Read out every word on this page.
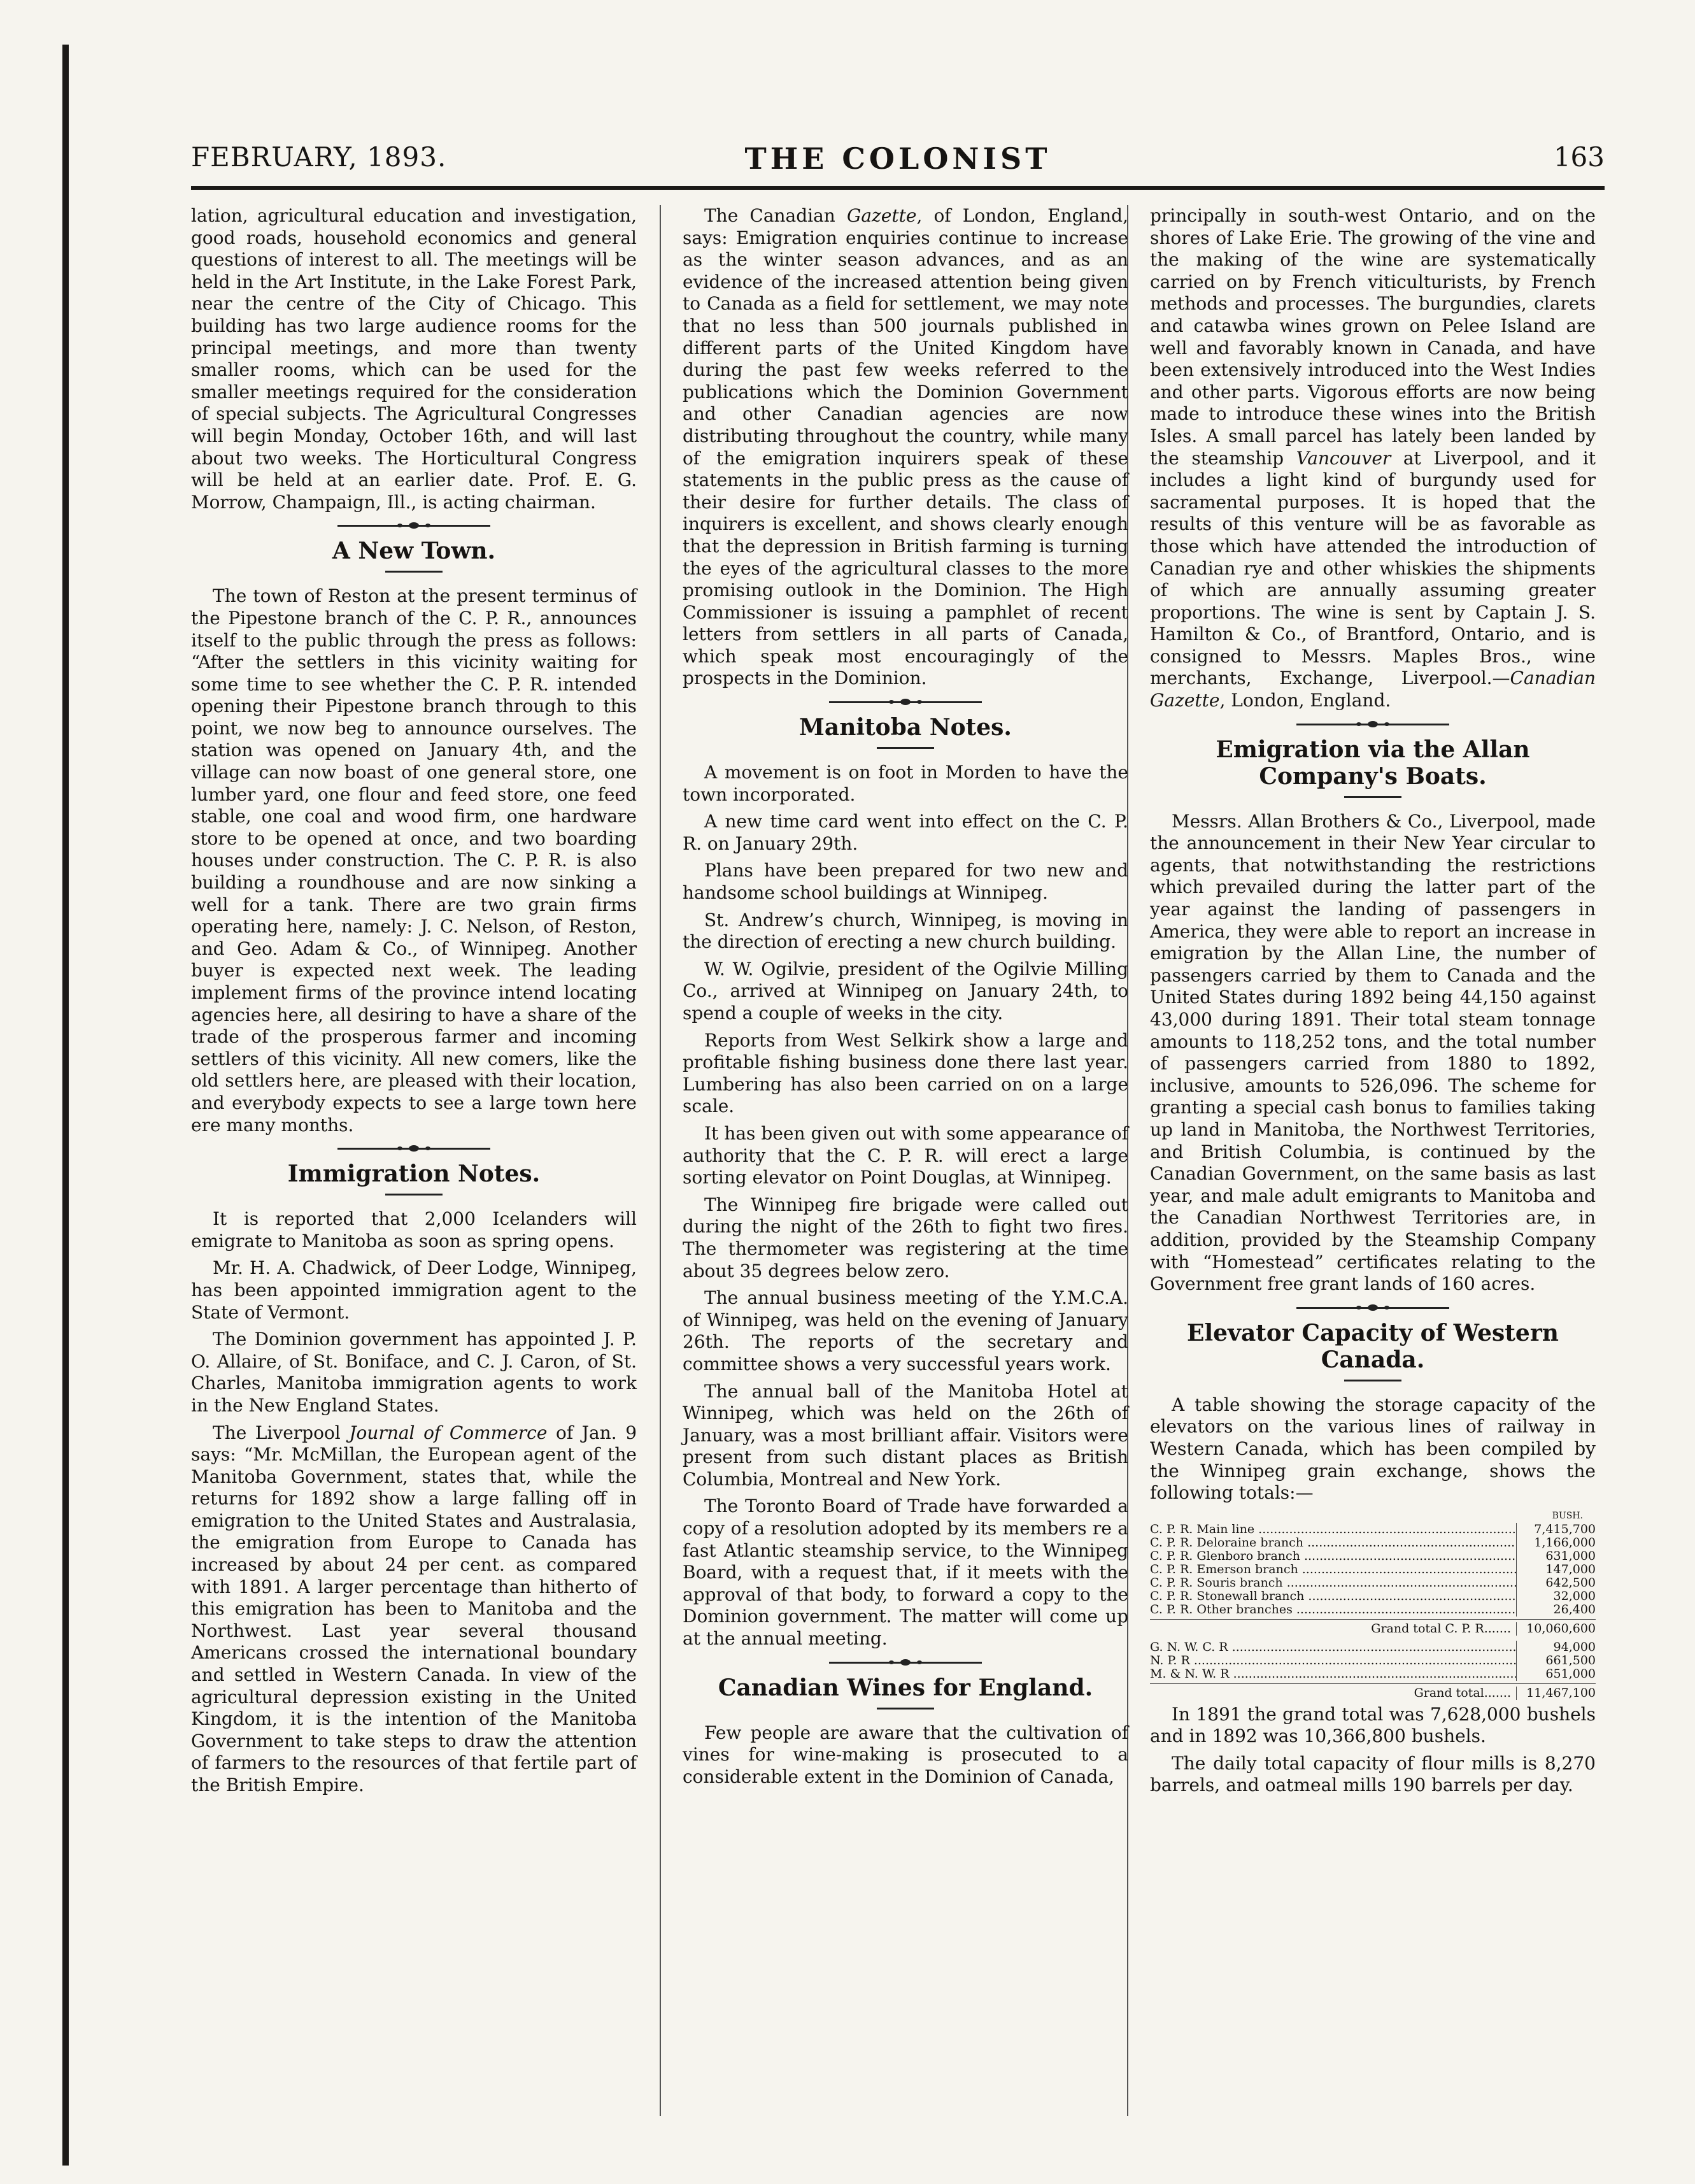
FEBRUARY, 1893.	THE COLONIST	163

lation, agricultural education and investigation, good roads, household economics and general questions of interest to all. The meetings will be held in the Art Institute, in the Lake Forest Park, near the centre of the City of Chicago. This building has two large audience rooms for the principal meetings, and more than twenty smaller rooms, which can be used for the smaller meetings required for the consideration of special subjects. The Agricultural Congresses will begin Monday, October 16th, and will last about two weeks. The Horticultural Congress will be held at an earlier date. Prof. E. G. Morrow, Champaign, Ill., is acting chairman.

A New Town.

The town of Reston at the present terminus of the Pipestone branch of the C. P. R., announces itself to the public through the press as follows: “After the settlers in this vicinity waiting for some time to see whether the C. P. R. intended opening their Pipestone branch through to this point, we now beg to announce ourselves. The station was opened on January 4th, and the village can now boast of one general store, one lumber yard, one flour and feed store, one feed stable, one coal and wood firm, one hardware store to be opened at once, and two boarding houses under construction. The C. P. R. is also building a roundhouse and are now sinking a well for a tank. There are two grain firms operating here, namely: J. C. Nelson, of Reston, and Geo. Adam & Co., of Winnipeg. Another buyer is expected next week. The leading implement firms of the province intend locating agencies here, all desiring to have a share of the trade of the prosperous farmer and incoming settlers of this vicinity. All new comers, like the old settlers here, are pleased with their location, and everybody expects to see a large town here ere many months.

Immigration Notes.

It is reported that 2,000 Icelanders will emigrate to Manitoba as soon as spring opens.

Mr. H. A. Chadwick, of Deer Lodge, Winnipeg, has been appointed immigration agent to the State of Vermont.

The Dominion government has appointed J. P. O. Allaire, of St. Boniface, and C. J. Caron, of St. Charles, Manitoba immigration agents to work in the New England States.

The Liverpool Journal of Commerce of Jan. 9 says: “Mr. McMillan, the European agent of the Manitoba Government, states that, while the returns for 1892 show a large falling off in emigration to the United States and Australasia, the emigration from Europe to Canada has increased by about 24 per cent. as compared with 1891. A larger percentage than hitherto of this emigration has been to Manitoba and the Northwest. Last year several thousand Americans crossed the international boundary and settled in Western Canada. In view of the agricultural depression existing in the United Kingdom, it is the intention of the Manitoba Government to take steps to draw the attention of farmers to the resources of that fertile part of the British Empire.

The Canadian Gazette, of London, England, says: Emigration enquiries continue to increase as the winter season advances, and as an evidence of the increased attention being given to Canada as a field for settlement, we may note that no less than 500 journals published in different parts of the United Kingdom have during the past few weeks referred to the publications which the Dominion Government and other Canadian agencies are now distributing throughout the country, while many of the emigration inquirers speak of these statements in the public press as the cause of their desire for further details. The class of inquirers is excellent, and shows clearly enough that the depression in British farming is turning the eyes of the agricultural classes to the more promising outlook in the Dominion. The High Commissioner is issuing a pamphlet of recent letters from settlers in all parts of Canada, which speak most encouragingly of the prospects in the Dominion.

Manitoba Notes.

A movement is on foot in Morden to have the town incorporated.

A new time card went into effect on the C. P. R. on January 29th.

Plans have been prepared for two new and handsome school buildings at Winnipeg.

St. Andrew’s church, Winnipeg, is moving in the direction of erecting a new church building.

W. W. Ogilvie, president of the Ogilvie Milling Co., arrived at Winnipeg on January 24th, to spend a couple of weeks in the city.

Reports from West Selkirk show a large and profitable fishing business done there last year. Lumbering has also been carried on on a large scale.

It has been given out with some appearance of authority that the C. P. R. will erect a large sorting elevator on Point Douglas, at Winnipeg.

The Winnipeg fire brigade were called out during the night of the 26th to fight two fires. The thermometer was registering at the time about 35 degrees below zero.

The annual business meeting of the Y.M.C.A. of Winnipeg, was held on the evening of January 26th. The reports of the secretary and committee shows a very successful years work.

The annual ball of the Manitoba Hotel at Winnipeg, which was held on the 26th of January, was a most brilliant affair. Visitors were present from such distant places as British Columbia, Montreal and New York.

The Toronto Board of Trade have forwarded a copy of a resolution adopted by its members re a fast Atlantic steamship service, to the Winnipeg Board, with a request that, if it meets with the approval of that body, to forward a copy to the Dominion government. The matter will come up at the annual meeting.

Canadian Wines for England.

Few people are aware that the cultivation of vines for wine-making is prosecuted to a considerable extent in the Dominion of Canada,

principally in south-west Ontario, and on the shores of Lake Erie. The growing of the vine and the making of the wine are systematically carried on by French viticulturists, by French methods and processes. The burgundies, clarets and catawba wines grown on Pelee Island are well and favorably known in Canada, and have been extensively introduced into the West Indies and other parts. Vigorous efforts are now being made to introduce these wines into the British Isles. A small parcel has lately been landed by the steamship Vancouver at Liverpool, and it includes a light kind of burgundy used for sacramental purposes. It is hoped that the results of this venture will be as favorable as those which have attended the introduction of Canadian rye and other whiskies the shipments of which are annually assuming greater proportions. The wine is sent by Captain J. S. Hamilton & Co., of Brantford, Ontario, and is consigned to Messrs. Maples Bros., wine merchants, Exchange, Liverpool.—Canadian Gazette, London, England.

Emigration via the Allan Company's Boats.

Messrs. Allan Brothers & Co., Liverpool, made the announcement in their New Year circular to agents, that notwithstanding the restrictions which prevailed during the latter part of the year against the landing of passengers in America, they were able to report an increase in emigration by the Allan Line, the number of passengers carried by them to Canada and the United States during 1892 being 44,150 against 43,000 during 1891. Their total steam tonnage amounts to 118,252 tons, and the total number of passengers carried from 1880 to 1892, inclusive, amounts to 526,096. The scheme for granting a special cash bonus to families taking up land in Manitoba, the Northwest Territories, and British Columbia, is continued by the Canadian Government, on the same basis as last year, and male adult emigrants to Manitoba and the Canadian Northwest Territories are, in addition, provided by the Steamship Company with “Homestead” certificates relating to the Government free grant lands of 160 acres.

Elevator Capacity of Western Canada.

A table showing the storage capacity of the elevators on the various lines of railway in Western Canada, which has been compiled by the Winnipeg grain exchange, shows the following totals:—

BUSH.
C. P. R. Main line .....	7,415,700
C. P. R. Deloraine branch .....	1,166,000
C. P. R. Glenboro branch .....	631,000
C. P. R. Emerson branch .....	147,000
C. P. R. Souris branch .....	642,500
C. P. R. Stonewall branch .....	32,000
C. P. R. Other branches .....	26,400
Grand total C. P. R.......	10,060,600
G. N. W. C. R .....	94,000
N. P. R .....	661,500
M. & N. W. R .....	651,000
Grand total.......	11,467,100

In 1891 the grand total was 7,628,000 bushels and in 1892 was 10,366,800 bushels.

The daily total capacity of flour mills is 8,270 barrels, and oatmeal mills 190 barrels per day.
